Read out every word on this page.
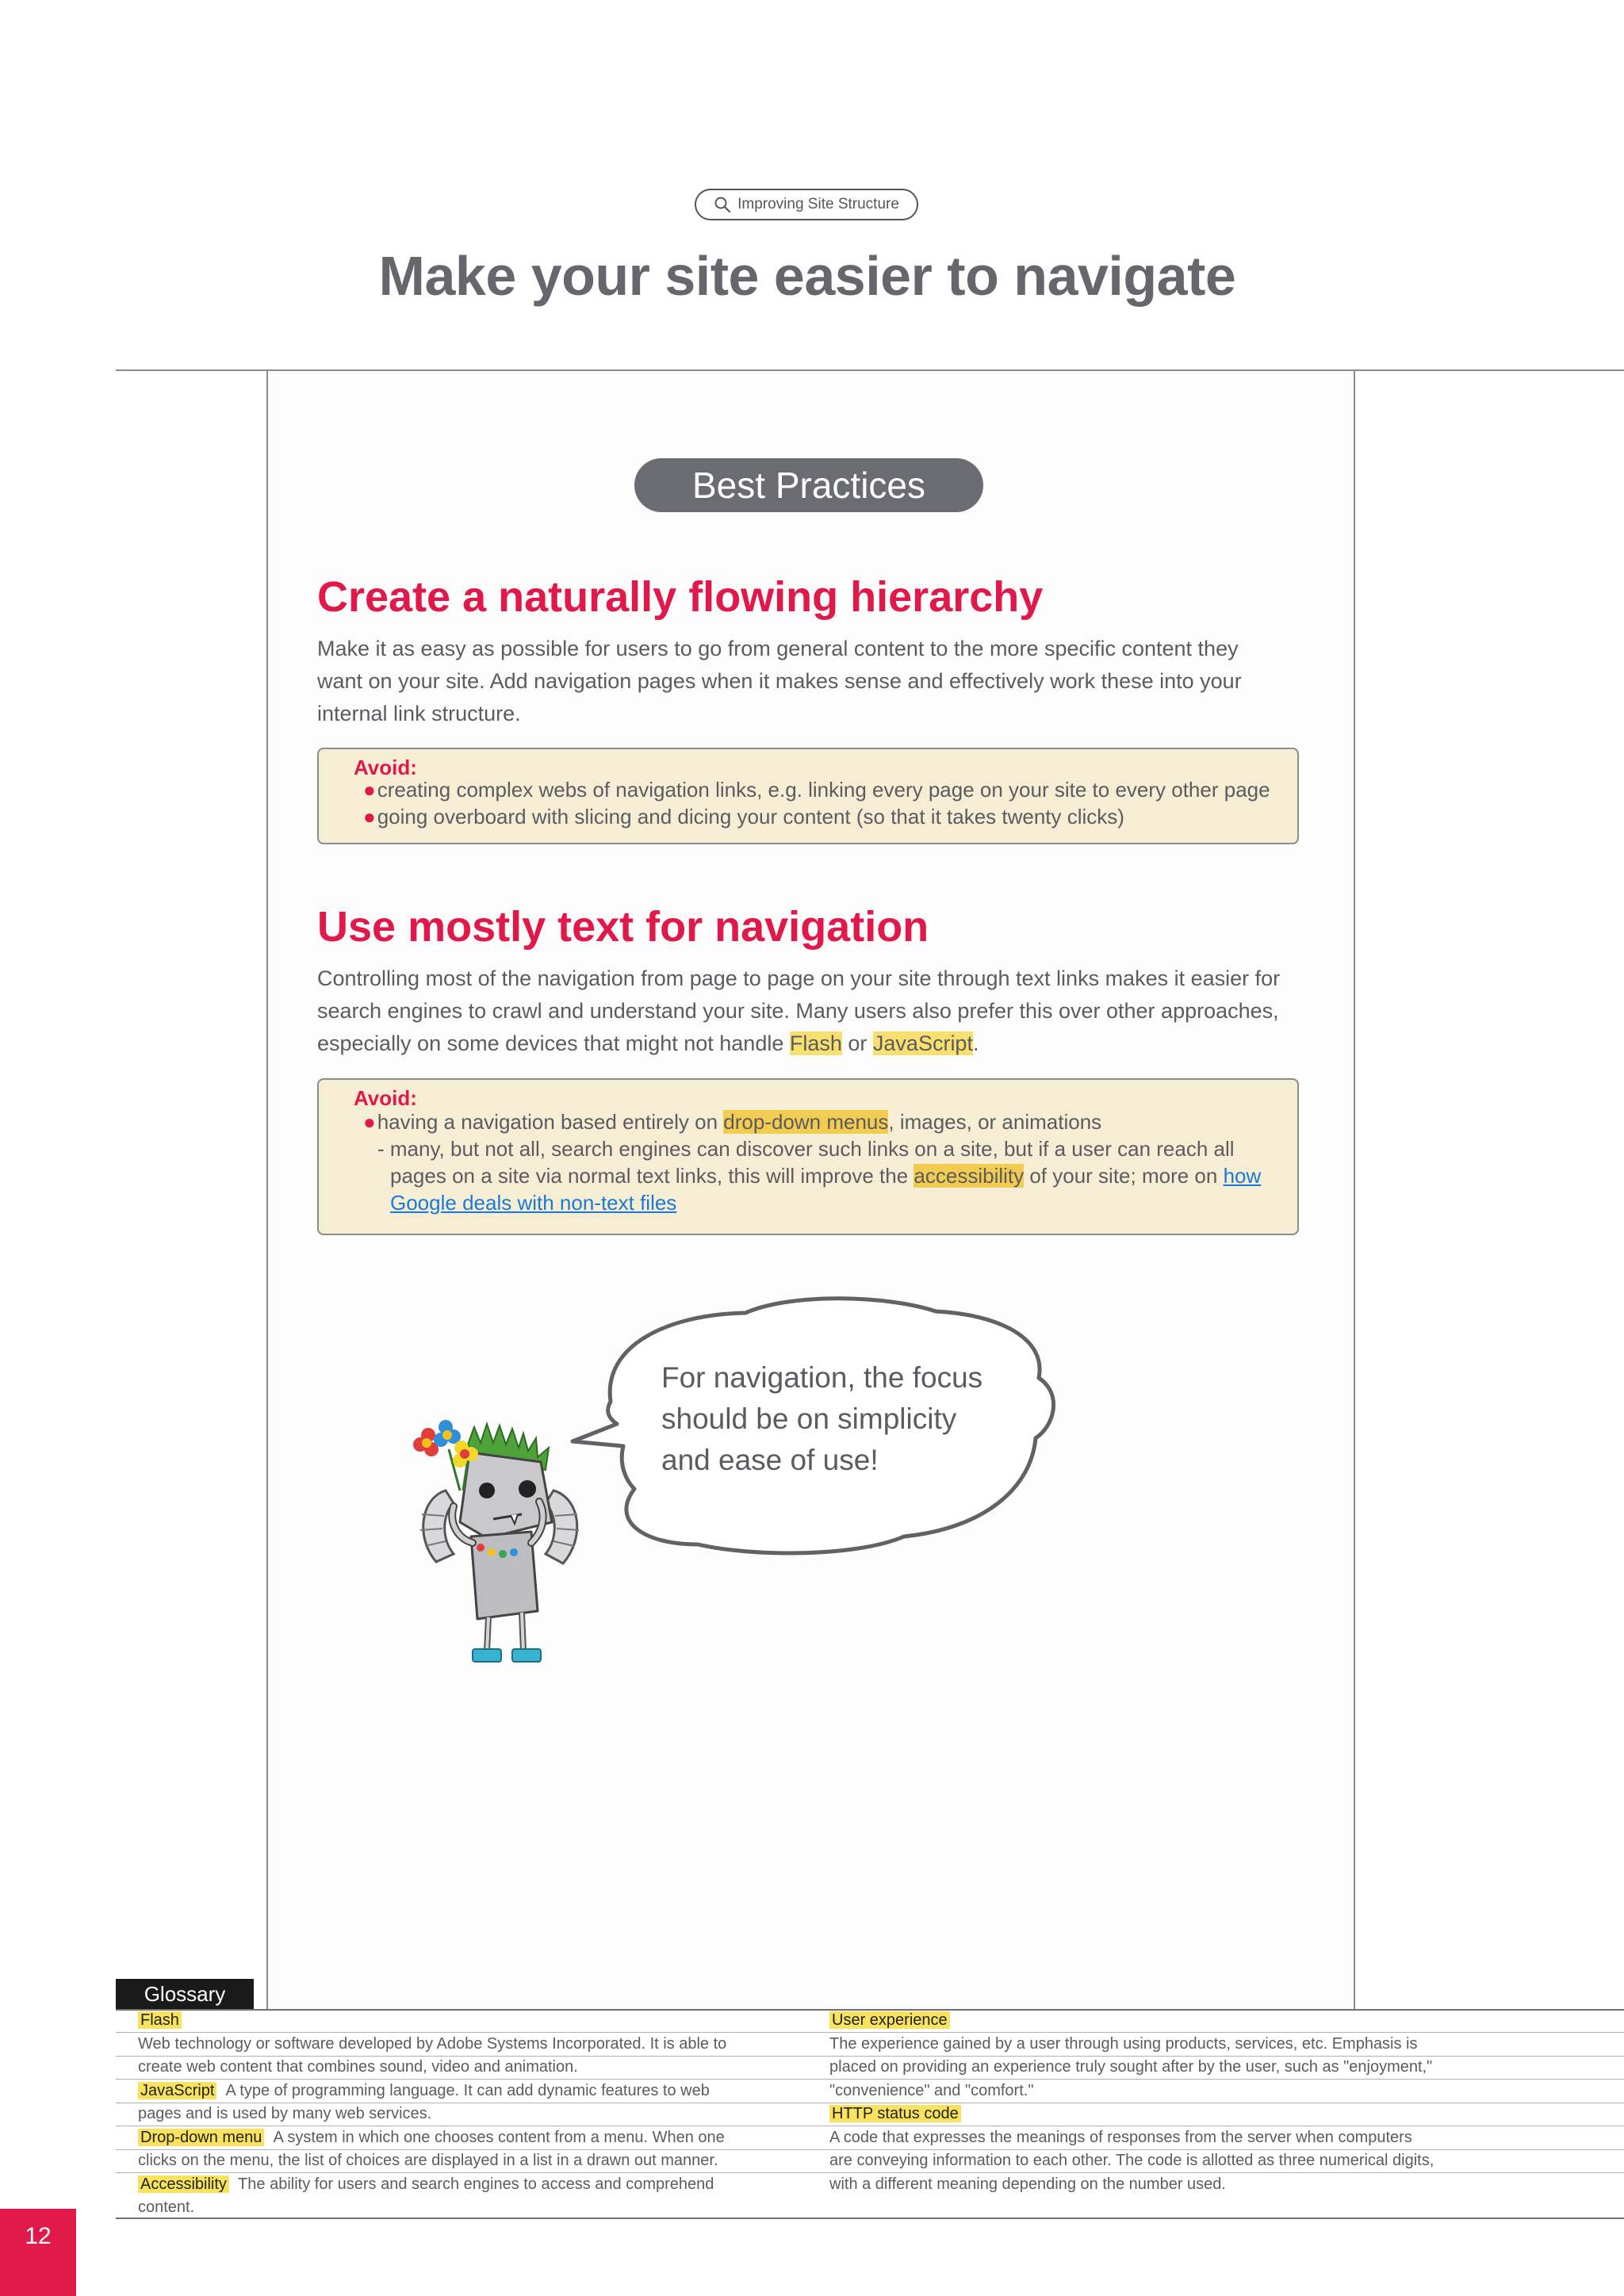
Improving Site Structure
Make your site easier to navigate
Best Practices
Create a naturally flowing hierarchy
Make it as easy as possible for users to go from general content to the more specific content they
want on your site. Add navigation pages when it makes sense and effectively work these into your
internal link structure.
Avoid:
●creating complex webs of navigation links, e.g. linking every page on your site to every other page
●going overboard with slicing and dicing your content (so that it takes twenty clicks)
Use mostly text for navigation
Controlling most of the navigation from page to page on your site through text links makes it easier for
search engines to crawl and understand your site. Many users also prefer this over other approaches,
especially on some devices that might not handle Flash or JavaScript.
Avoid:
●having a navigation based entirely on drop-down menus, images, or animations
- many, but not all, search engines can discover such links on a site, but if a user can reach all
pages on a site via normal text links, this will improve the accessibility of your site; more on how
Google deals with non-text files
For navigation, the focus
should be on simplicity
and ease of use!
Glossary
Flash
Web technology or software developed by Adobe Systems Incorporated. It is able to
create web content that combines sound, video and animation.
JavaScript A type of programming language. It can add dynamic features to web
pages and is used by many web services.
Drop-down menu A system in which one chooses content from a menu. When one
clicks on the menu, the list of choices are displayed in a list in a drawn out manner.
Accessibility The ability for users and search engines to access and comprehend
content.
User experience
The experience gained by a user through using products, services, etc. Emphasis is
placed on providing an experience truly sought after by the user, such as "enjoyment,"
"convenience" and "comfort."
HTTP status code
A code that expresses the meanings of responses from the server when computers
are conveying information to each other. The code is allotted as three numerical digits,
with a different meaning depending on the number used.
12
